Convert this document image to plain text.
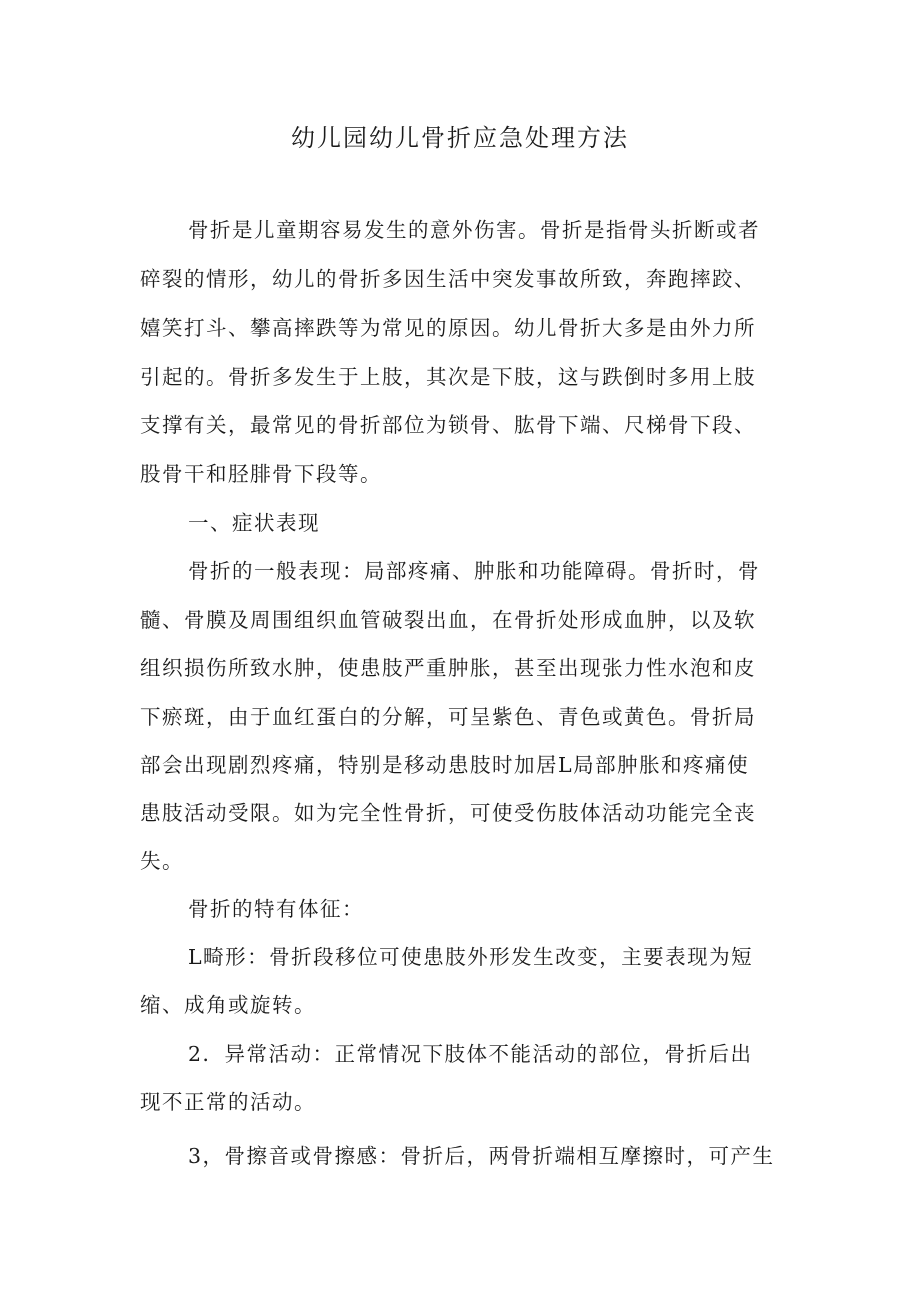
幼儿园幼儿骨折应急处理方法

骨折是儿童期容易发生的意外伤害。骨折是指骨头折断或者

碎裂的情形，幼儿的骨折多因生活中突发事故所致，奔跑摔跤、

嬉笑打斗、攀高摔跌等为常见的原因。幼儿骨折大多是由外力所

引起的。骨折多发生于上肢，其次是下肢，这与跌倒时多用上肢

支撑有关，最常见的骨折部位为锁骨、肱骨下端、尺梯骨下段、

股骨干和胫腓骨下段等。

一、症状表现

骨折的一般表现：局部疼痛、肿胀和功能障碍。骨折时，骨

髓、骨膜及周围组织血管破裂出血，在骨折处形成血肿，以及软

组织损伤所致水肿，使患肢严重肿胀，甚至出现张力性水泡和皮

下瘀斑，由于血红蛋白的分解，可呈紫色、青色或黄色。骨折局

部会出现剧烈疼痛，特别是移动患肢时加居L局部肿胀和疼痛使

患肢活动受限。如为完全性骨折，可使受伤肢体活动功能完全丧

失。

骨折的特有体征：

L畸形：骨折段移位可使患肢外形发生改变，主要表现为短

缩、成角或旋转。

2．异常活动：正常情况下肢体不能活动的部位，骨折后出

现不正常的活动。

3，骨擦音或骨擦感：骨折后，两骨折端相互摩擦时，可产生
